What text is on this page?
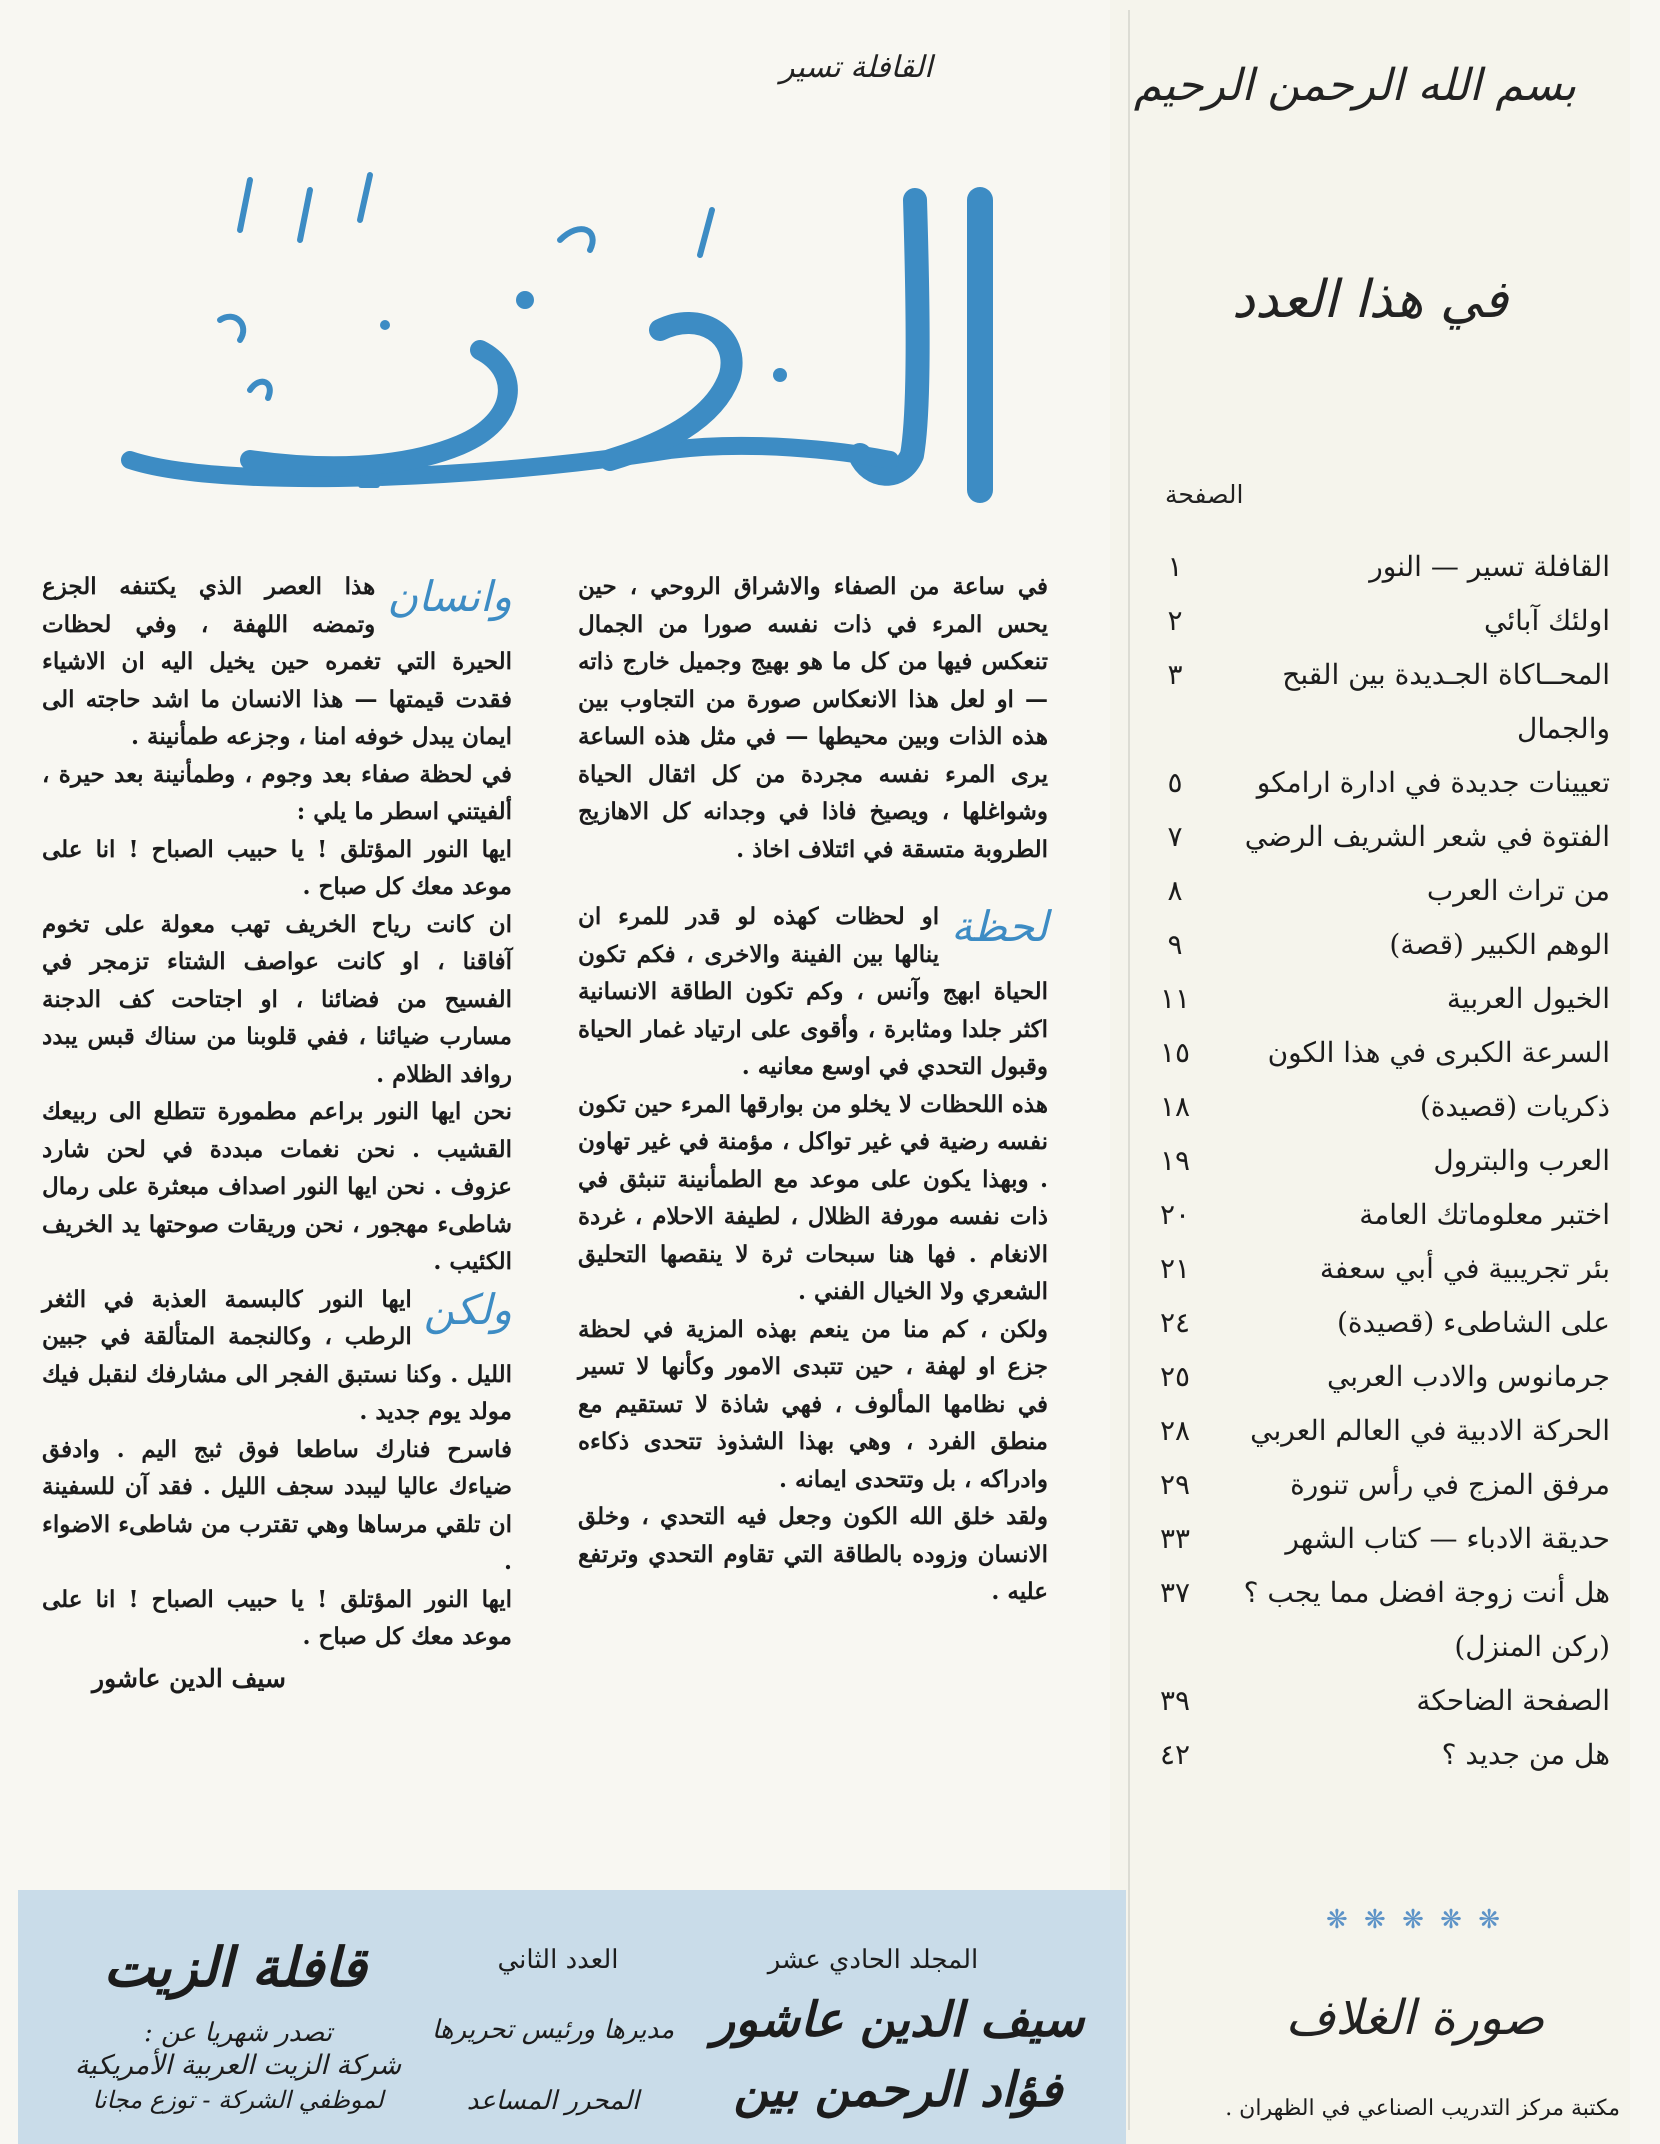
بسم الله الرحمن الرحيم
في هذا العدد
الصفحة
القافلة تسير — النور
١
اولئك آبائي
٢
المحــاكاة الجـديدة بين القبح والجمال
٣
تعيينات جديدة في ادارة ارامكو
٥
الفتوة في شعر الشريف الرضي
٧
من تراث العرب
٨
الوهم الكبير (قصة)
٩
الخيول العربية
١١
السرعة الكبرى في هذا الكون
١٥
ذكريات (قصيدة)
١٨
العرب والبترول
١٩
اختبر معلوماتك العامة
٢٠
بئر تجريبية في أبي سعفة
٢١
على الشاطىء (قصيدة)
٢٤
جرمانوس والادب العربي
٢٥
الحركة الادبية في العالم العربي
٢٨
مرفق المزج في رأس تنورة
٢٩
حديقة الادباء — كتاب الشهر
٣٣
هل أنت زوجة افضل مما يجب ؟ (ركن المنزل)
٣٧
الصفحة الضاحكة
٣٩
هل من جديد ؟
٤٢
❋ ❋ ❋ ❋ ❋
صورة الغلاف
مكتبة مركز التدريب الصناعي في الظهران .
القافلة تسير

في ساعة من الصفاء والاشراق الروحي ، حين يحس المرء في ذات نفسه صورا من الجمال تنعكس فيها من كل ما هو بهيج وجميل خارج ذاته — او لعل هذا الانعكاس صورة من التجاوب بين هذه الذات وبين محيطها — في مثل هذه الساعة يرى المرء نفسه مجردة من كل اثقال الحياة وشواغلها ، ويصيخ فاذا في وجدانه كل الاهازيج الطروبة متسقة في ائتلاف اخاذ .

لحظة

او لحظات كهذه لو قدر للمرء ان ينالها بين الفينة والاخرى ، فكم تكون الحياة ابهج وآنس ، وكم تكون الطاقة الانسانية اكثر جلدا ومثابرة ، وأقوى على ارتياد غمار الحياة وقبول التحدي في اوسع معانيه .

هذه اللحظات لا يخلو من بوارقها المرء حين تكون نفسه رضية في غير تواكل ، مؤمنة في غير تهاون . وبهذا يكون على موعد مع الطمأنينة تنبثق في ذات نفسه مورفة الظلال ، لطيفة الاحلام ، غردة الانغام . فها هنا سبحات ثرة لا ينقصها التحليق الشعري ولا الخيال الفني .

ولكن ، كم منا من ينعم بهذه المزية في لحظة جزع او لهفة ، حين تتبدى الامور وكأنها لا تسير في نظامها المألوف ، فهي شاذة لا تستقيم مع منطق الفرد ، وهي بهذا الشذوذ تتحدى ذكاءه وادراكه ، بل وتتحدى ايمانه .

ولقد خلق الله الكون وجعل فيه التحدي ، وخلق الانسان وزوده بالطاقة التي تقاوم التحدي وترتفع عليه .

وانسان

هذا العصر الذي يكتنفه الجزع وتمضه اللهفة ، وفي لحظات الحيرة التي تغمره حين يخيل اليه ان الاشياء فقدت قيمتها — هذا الانسان ما اشد حاجته الى ايمان يبدل خوفه امنا ، وجزعه طمأنينة .

في لحظة صفاء بعد وجوم ، وطمأنينة بعد حيرة ، ألفيتني اسطر ما يلي :

ايها النور المؤتلق ! يا حبيب الصباح ! انا على موعد معك كل صباح .

ان كانت رياح الخريف تهب معولة على تخوم آفاقنا ، او كانت عواصف الشتاء تزمجر في الفسيح من فضائنا ، او اجتاحت كف الدجنة مسارب ضيائنا ، ففي قلوبنا من سناك قبس يبدد روافد الظلام .

نحن ايها النور براعم مطمورة تتطلع الى ربيعك القشيب . نحن نغمات مبددة في لحن شارد عزوف . نحن ايها النور اصداف مبعثرة على رمال شاطىء مهجور ، نحن وريقات صوحتها يد الخريف الكئيب .

ولكن

ايها النور كالبسمة العذبة في الثغر الرطب ، وكالنجمة المتألقة في جبين الليل . وكنا نستبق الفجر الى مشارفك لنقبل فيك مولد يوم جديد .

فاسرح فنارك ساطعا فوق ثبج اليم . وادفق ضياءك عاليا ليبدد سجف الليل . فقد آن للسفينة ان تلقي مرساها وهي تقترب من شاطىء الاضواء .

ايها النور المؤتلق ! يا حبيب الصباح ! انا على موعد معك كل صباح .

سيف الدين عاشور

قافلة الزيت
تصدر شهريا عن :
شركة الزيت العربية الأمريكية
لموظفي الشركة - توزع مجانا
العدد الثاني
مديرها ورئيس تحريرها
المحرر المساعد
المجلد الحادي عشر
سيف الدين عاشور
فؤاد الرحمن بين
